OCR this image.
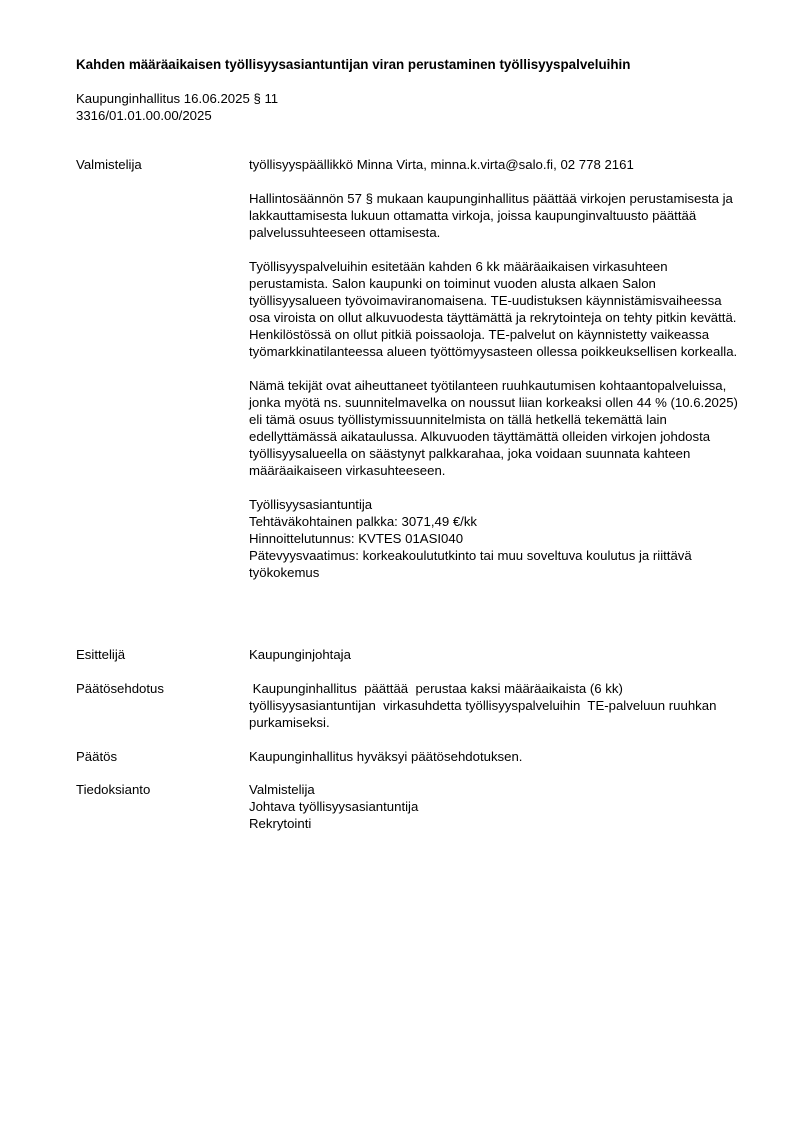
Kahden määräaikaisen työllisyysasiantuntijan viran perustaminen työllisyyspalveluihin
Kaupunginhallitus 16.06.2025 § 11
3316/01.01.00.00/2025
Valmistelija	työllisyyspäällikkö Minna Virta, minna.k.virta@salo.fi, 02 778 2161

Hallintosäännön 57 § mukaan kaupunginhallitus päättää virkojen perustamisesta ja lakkauttamisesta lukuun ottamatta virkoja, joissa kaupunginvaltuusto päättää palvelussuhteeseen ottamisesta.

Työllisyyspalveluihin esitetään kahden 6 kk määräaikaisen virkasuhteen perustamista. Salon kaupunki on toiminut vuoden alusta alkaen Salon työllisyysalueen työvoimaviranomaisena. TE-uudistuksen käynnistämisvaiheessa osa viroista on ollut alkuvuodesta täyttämättä ja rekrytointeja on tehty pitkin kevättä. Henkilöstössä on ollut pitkiä poissaoloja. TE-palvelut on käynnistetty vaikeassa työmarkkinatilanteessa alueen työttömyysasteen ollessa poikkeuksellisen korkealla.

Nämä tekijät ovat aiheuttaneet työtilanteen ruuhkautumisen kohtaantopalveluissa, jonka myötä ns. suunnitelmavelka on noussut liian korkeaksi ollen 44 % (10.6.2025) eli tämä osuus työllistymissuunnitelmista on tällä hetkellä tekemättä lain edellyttämässä aikataulussa. Alkuvuoden täyttämättä olleiden virkojen johdosta työllisyysalueella on säästynyt palkkarahaa, joka voidaan suunnata kahteen määräaikaiseen virkasuhteeseen.

Työllisyysasiantuntija
Tehtäväkohtainen palkka: 3071,49 €/kk
Hinnoittelutunnus: KVTES 01ASI040
Pätevyysvaatimus: korkeakoulututkinto tai muu soveltuva koulutus ja riittävä työkokemus

Esittelijä	Kaupunginjohtaja
Päätösehdotus	Kaupunginhallitus  päättää  perustaa kaksi määräaikaista (6 kk) työllisyysasiantuntijan  virkasuhdetta työllisyyspalveluihin  TE-palveluun ruuhkan purkamiseksi.
Päätös	Kaupunginhallitus hyväksyi päätösehdotuksen.
Tiedoksianto	Valmistelija
Johtava työllisyysasiantuntija
Rekrytointi
